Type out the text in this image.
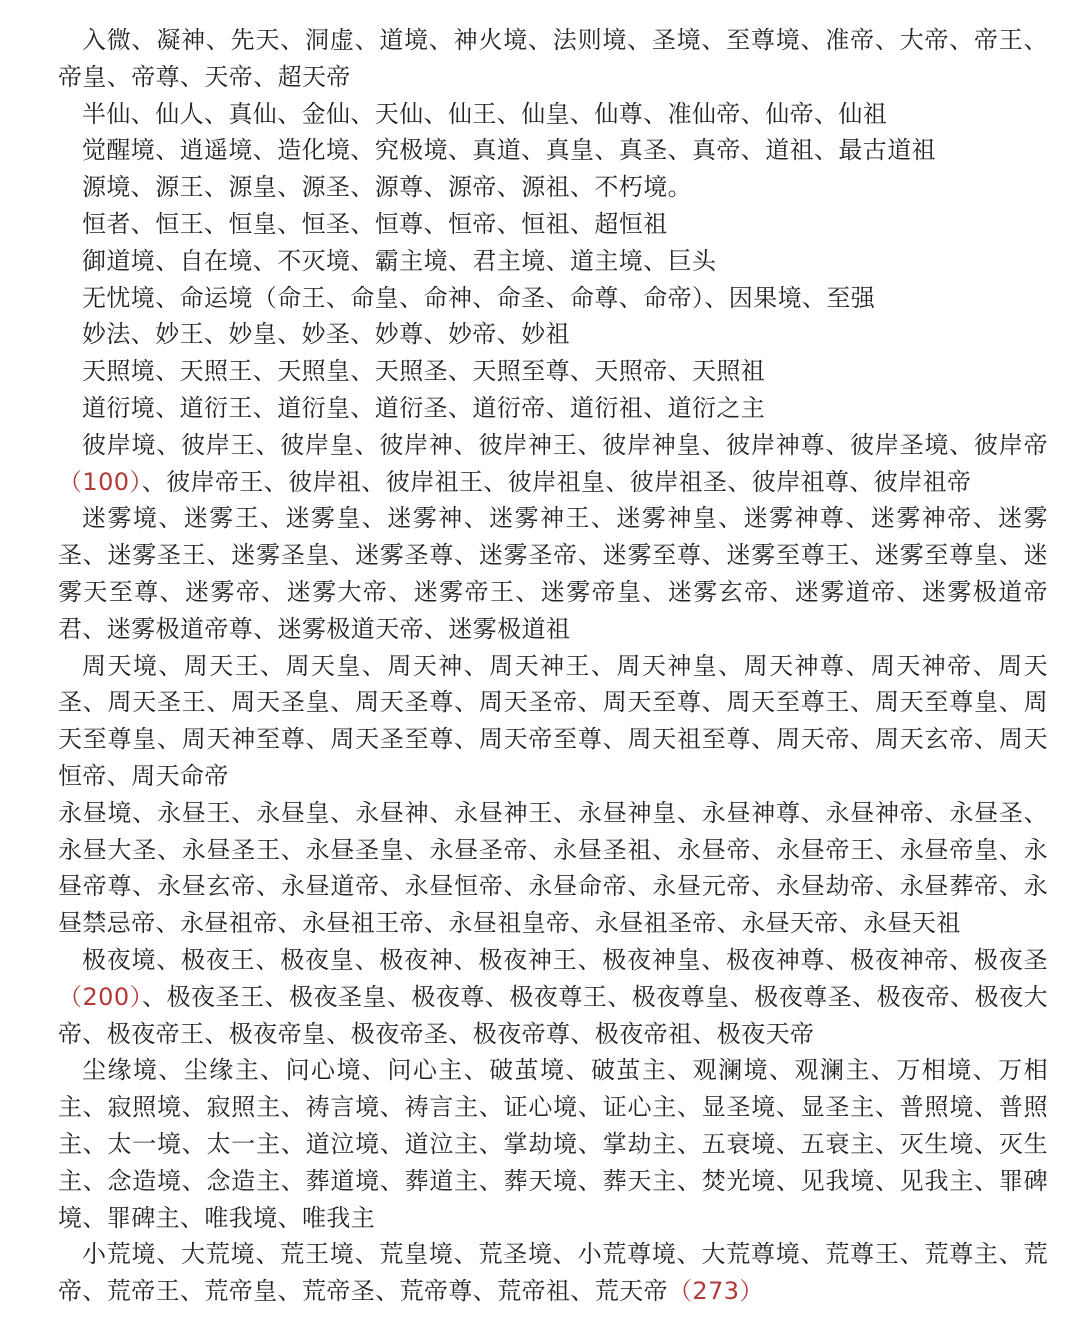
入微、凝神、先天、洞虚、道境、神火境、法则境、圣境、至尊境、准帝、大帝、帝王、帝皇、帝尊、天帝、超天帝

半仙、仙人、真仙、金仙、天仙、仙王、仙皇、仙尊、准仙帝、仙帝、仙祖

觉醒境、逍遥境、造化境、究极境、真道、真皇、真圣、真帝、道祖、最古道祖

源境、源王、源皇、源圣、源尊、源帝、源祖、不朽境。

恒者、恒王、恒皇、恒圣、恒尊、恒帝、恒祖、超恒祖

御道境、自在境、不灭境、霸主境、君主境、道主境、巨头

无忧境、命运境（命王、命皇、命神、命圣、命尊、命帝）、因果境、至强

妙法、妙王、妙皇、妙圣、妙尊、妙帝、妙祖

天照境、天照王、天照皇、天照圣、天照至尊、天照帝、天照祖

道衍境、道衍王、道衍皇、道衍圣、道衍帝、道衍祖、道衍之主

彼岸境、彼岸王、彼岸皇、彼岸神、彼岸神王、彼岸神皇、彼岸神尊、彼岸圣境、彼岸帝（100）、彼岸帝王、彼岸祖、彼岸祖王、彼岸祖皇、彼岸祖圣、彼岸祖尊、彼岸祖帝

迷雾境、迷雾王、迷雾皇、迷雾神、迷雾神王、迷雾神皇、迷雾神尊、迷雾神帝、迷雾圣、迷雾圣王、迷雾圣皇、迷雾圣尊、迷雾圣帝、迷雾至尊、迷雾至尊王、迷雾至尊皇、迷雾天至尊、迷雾帝、迷雾大帝、迷雾帝王、迷雾帝皇、迷雾玄帝、迷雾道帝、迷雾极道帝君、迷雾极道帝尊、迷雾极道天帝、迷雾极道祖

周天境、周天王、周天皇、周天神、周天神王、周天神皇、周天神尊、周天神帝、周天圣、周天圣王、周天圣皇、周天圣尊、周天圣帝、周天至尊、周天至尊王、周天至尊皇、周天至尊皇、周天神至尊、周天圣至尊、周天帝至尊、周天祖至尊、周天帝、周天玄帝、周天恒帝、周天命帝

永昼境、永昼王、永昼皇、永昼神、永昼神王、永昼神皇、永昼神尊、永昼神帝、永昼圣、永昼大圣、永昼圣王、永昼圣皇、永昼圣帝、永昼圣祖、永昼帝、永昼帝王、永昼帝皇、永昼帝尊、永昼玄帝、永昼道帝、永昼恒帝、永昼命帝、永昼元帝、永昼劫帝、永昼葬帝、永昼禁忌帝、永昼祖帝、永昼祖王帝、永昼祖皇帝、永昼祖圣帝、永昼天帝、永昼天祖

极夜境、极夜王、极夜皇、极夜神、极夜神王、极夜神皇、极夜神尊、极夜神帝、极夜圣（200）、极夜圣王、极夜圣皇、极夜尊、极夜尊王、极夜尊皇、极夜尊圣、极夜帝、极夜大帝、极夜帝王、极夜帝皇、极夜帝圣、极夜帝尊、极夜帝祖、极夜天帝

尘缘境、尘缘主、问心境、问心主、破茧境、破茧主、观澜境、观澜主、万相境、万相主、寂照境、寂照主、祷言境、祷言主、证心境、证心主、显圣境、显圣主、普照境、普照主、太一境、太一主、道泣境、道泣主、掌劫境、掌劫主、五衰境、五衰主、灭生境、灭生主、念造境、念造主、葬道境、葬道主、葬天境、葬天主、焚光境、见我境、见我主、罪碑境、罪碑主、唯我境、唯我主

小荒境、大荒境、荒王境、荒皇境、荒圣境、小荒尊境、大荒尊境、荒尊王、荒尊主、荒帝、荒帝王、荒帝皇、荒帝圣、荒帝尊、荒帝祖、荒天帝（273）
